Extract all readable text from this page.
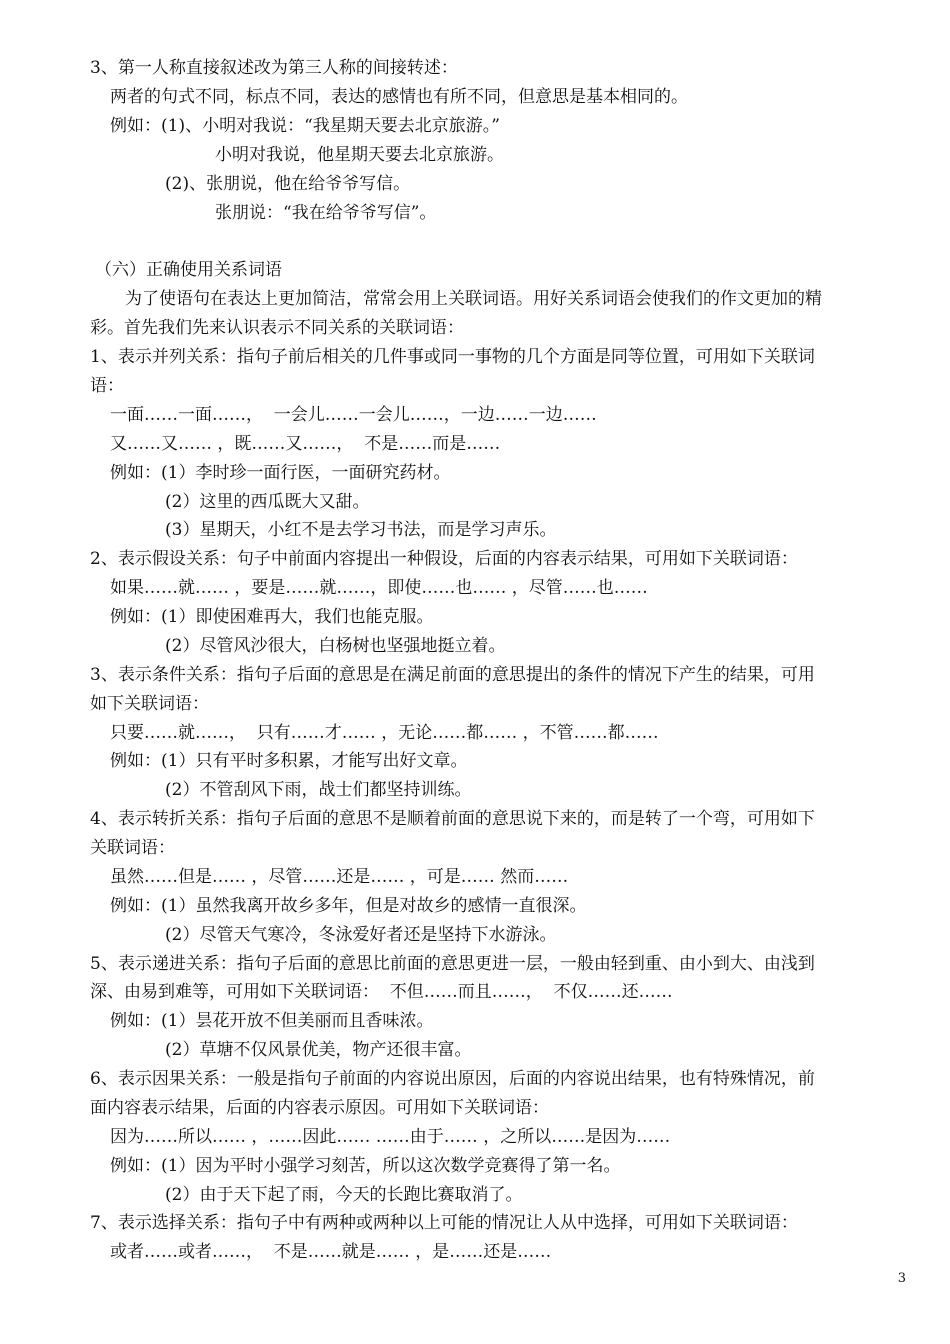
3、第一人称直接叙述改为第三人称的间接转述：
两者的句式不同，标点不同，表达的感情也有所不同，但意思是基本相同的。
例如：(1)、小明对我说：“我星期天要去北京旅游。”
小明对我说，他星期天要去北京旅游。
(2)、张朋说，他在给爷爷写信。
张朋说：“我在给爷爷写信”。
（六）正确使用关系词语
为了使语句在表达上更加简洁，常常会用上关联词语。用好关系词语会使我们的作文更加的精
彩。首先我们先来认识表示不同关系的关联词语：
1、表示并列关系：指句子前后相关的几件事或同一事物的几个方面是同等位置，可用如下关联词
语：
一面……一面……，  一会儿……一会儿……，一边……一边……
又……又…… ，既……又……，  不是……而是……
例如：(1）李时珍一面行医，一面研究药材。
(2）这里的西瓜既大又甜。
(3）星期天，小红不是去学习书法，而是学习声乐。
2、表示假设关系：句子中前面内容提出一种假设，后面的内容表示结果，可用如下关联词语：
如果……就…… ，要是……就……，即使……也…… ，尽管……也……
例如：(1）即使困难再大，我们也能克服。
(2）尽管风沙很大，白杨树也坚强地挺立着。
3、表示条件关系：指句子后面的意思是在满足前面的意思提出的条件的情况下产生的结果，可用
如下关联词语：
只要……就……，  只有……才…… ，无论……都…… ，不管……都……
例如：(1）只有平时多积累，才能写出好文章。
(2）不管刮风下雨，战士们都坚持训练。
4、表示转折关系：指句子后面的意思不是顺着前面的意思说下来的，而是转了一个弯，可用如下
关联词语：
虽然……但是…… ，尽管……还是…… ，可是…… 然而……
例如：(1）虽然我离开故乡多年，但是对故乡的感情一直很深。
(2）尽管天气寒冷，冬泳爱好者还是坚持下水游泳。
5、表示递进关系：指句子后面的意思比前面的意思更进一层，一般由轻到重、由小到大、由浅到
深、由易到难等，可用如下关联词语：  不但……而且……，  不仅……还……
例如：(1）昙花开放不但美丽而且香味浓。
(2）草塘不仅风景优美，物产还很丰富。
6、表示因果关系：一般是指句子前面的内容说出原因，后面的内容说出结果，也有特殊情况，前
面内容表示结果，后面的内容表示原因。可用如下关联词语：
因为……所以…… ，……因此…… ……由于…… ，之所以……是因为……
例如：(1）因为平时小强学习刻苦，所以这次数学竞赛得了第一名。
(2）由于天下起了雨，今天的长跑比赛取消了。
7、表示选择关系：指句子中有两种或两种以上可能的情况让人从中选择，可用如下关联词语：
或者……或者……，  不是……就是…… ，是……还是……
3
